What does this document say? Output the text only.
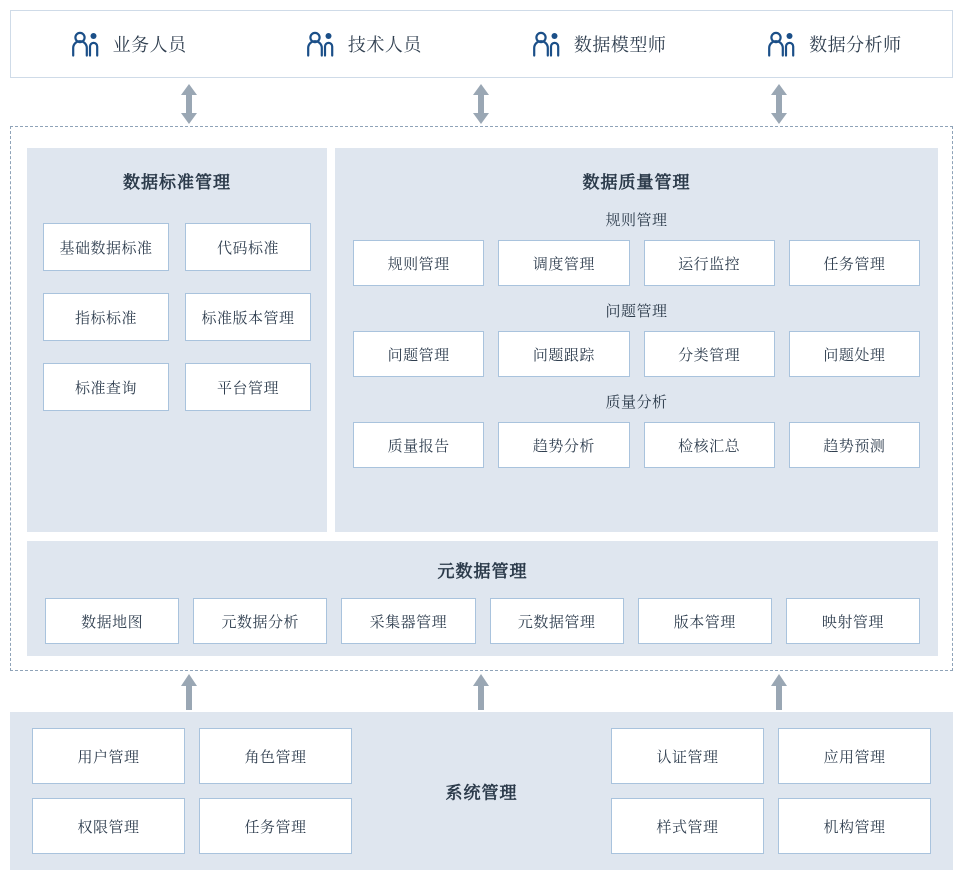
业务人员	技术人员	数据模型师	数据分析师
数据标准管理
基础数据标准	代码标准
指标标准	标准版本管理
标准查询	平台管理
数据质量管理
规则管理
规则管理	调度管理	运行监控	任务管理
问题管理
问题管理	问题跟踪	分类管理	问题处理
质量分析
质量报告	趋势分析	检核汇总	趋势预测
元数据管理
数据地图	元数据分析	采集器管理	元数据管理	版本管理	映射管理
用户管理	角色管理
权限管理	任务管理
系统管理
认证管理	应用管理
样式管理	机构管理
